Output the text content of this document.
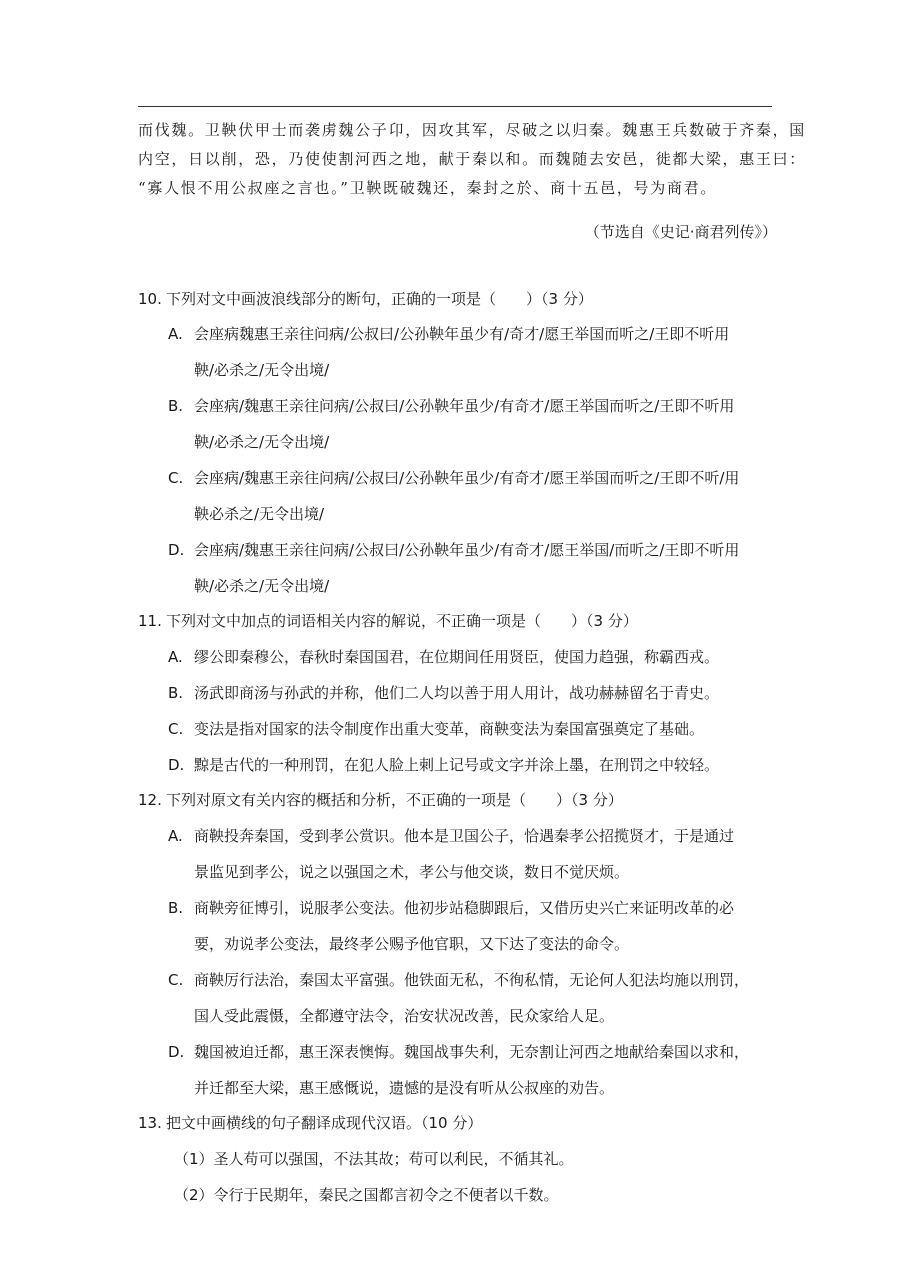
而伐魏。卫鞅伏甲士而袭虏魏公子卬，因攻其军，尽破之以归秦。魏惠王兵数破于齐秦，国
内空，日以削，恐，乃使使割河西之地，献于秦以和。而魏随去安邑，徙都大梁，惠王曰：
“寡人恨不用公叔座之言也。”卫鞅既破魏还，秦封之於、商十五邑，号为商君。
（节选自《史记·商君列传》）
10. 下列对文中画波浪线部分的断句，正确的一项是（　　）（3 分）
A. 会座病魏惠王亲往问病/公叔曰/公孙鞅年虽少有/奇才/愿王举国而听之/王即不听用
鞅/必杀之/无令出境/
B. 会座病/魏惠王亲往问病/公叔曰/公孙鞅年虽少/有奇才/愿王举国而听之/王即不听用
鞅/必杀之/无令出境/
C. 会座病/魏惠王亲往问病/公叔曰/公孙鞅年虽少/有奇才/愿王举国而听之/王即不听/用
鞅必杀之/无令出境/
D. 会座病/魏惠王亲往问病/公叔曰/公孙鞅年虽少/有奇才/愿王举国/而听之/王即不听用
鞅/必杀之/无令出境/
11. 下列对文中加点的词语相关内容的解说，不正确一项是（　　）（3 分）
A. 缪公即秦穆公，春秋时秦国国君，在位期间任用贤臣，使国力趋强，称霸西戎。
B. 汤武即商汤与孙武的并称，他们二人均以善于用人用计，战功赫赫留名于青史。
C. 变法是指对国家的法令制度作出重大变革，商鞅变法为秦国富强奠定了基础。
D. 黥是古代的一种刑罚，在犯人脸上刺上记号或文字并涂上墨，在刑罚之中较轻。
12. 下列对原文有关内容的概括和分析，不正确的一项是（　　）（3 分）
A. 商鞅投奔秦国，受到孝公赏识。他本是卫国公子，恰遇秦孝公招揽贤才，于是通过
景监见到孝公，说之以强国之术，孝公与他交谈，数日不觉厌烦。
B. 商鞅旁征博引，说服孝公变法。他初步站稳脚跟后，又借历史兴亡来证明改革的必
要，劝说孝公变法，最终孝公赐予他官职，又下达了变法的命令。
C. 商鞅厉行法治，秦国太平富强。他铁面无私，不徇私情，无论何人犯法均施以刑罚，
国人受此震慑，全都遵守法令，治安状况改善，民众家给人足。
D. 魏国被迫迁都，惠王深表懊悔。魏国战事失利，无奈割让河西之地献给秦国以求和，
并迁都至大梁，惠王感慨说，遗憾的是没有听从公叔座的劝告。
13. 把文中画横线的句子翻译成现代汉语。（10 分）
（1）圣人苟可以强国，不法其故；苟可以利民，不循其礼。
（2）令行于民期年，秦民之国都言初令之不便者以千数。
